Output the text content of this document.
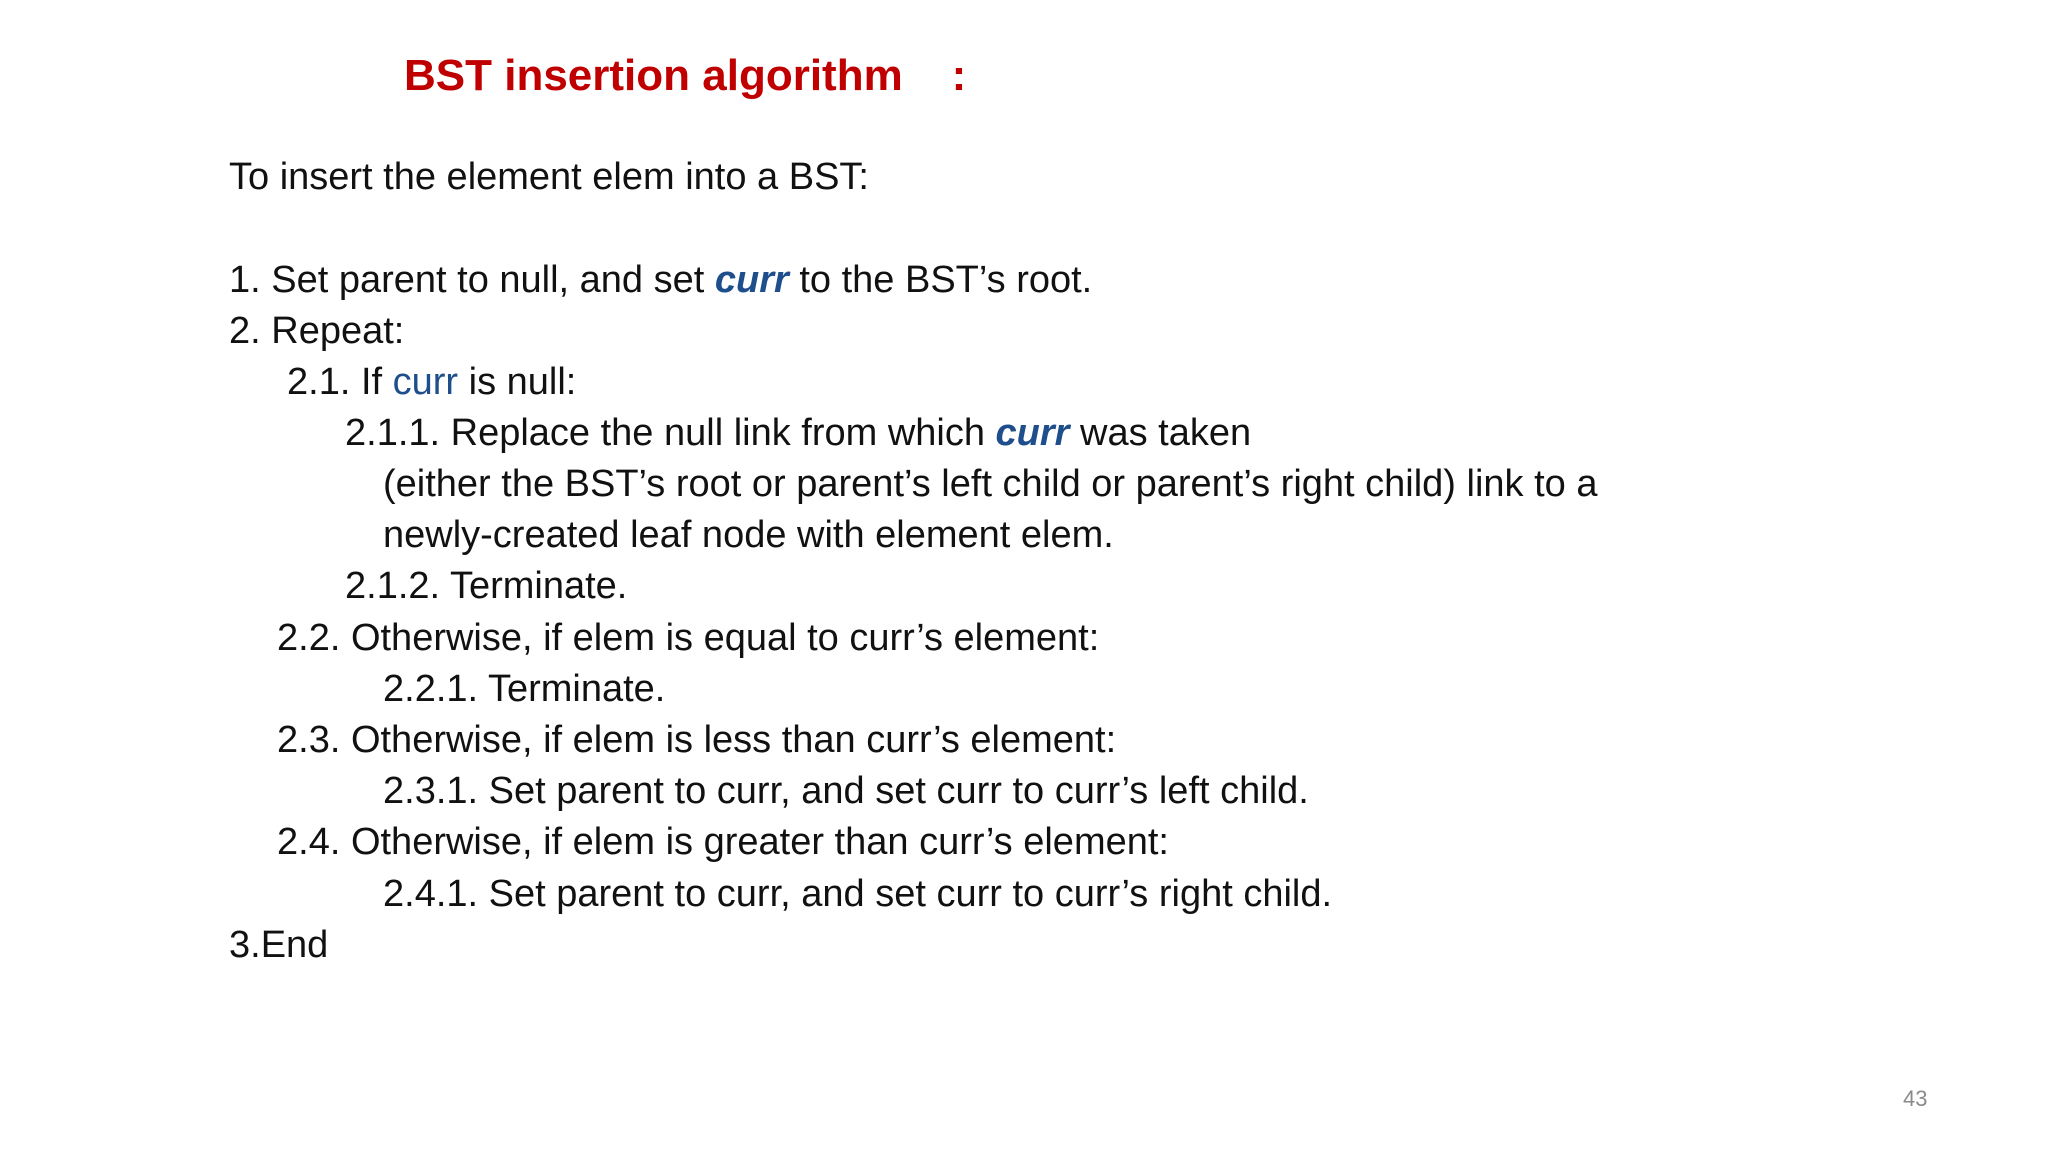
BST insertion algorithm    :
To insert the element elem into a BST:
1. Set parent to null, and set curr to the BST’s root.
2. Repeat:
2.1. If curr is null:
2.1.1. Replace the null link from which curr was taken
(either the BST’s root or parent’s left child or parent’s right child) link to a
newly-created leaf node with element elem.
2.1.2. Terminate.
2.2. Otherwise, if elem is equal to curr’s element:
2.2.1. Terminate.
2.3. Otherwise, if elem is less than curr’s element:
2.3.1. Set parent to curr, and set curr to curr’s left child.
2.4. Otherwise, if elem is greater than curr’s element:
2.4.1. Set parent to curr, and set curr to curr’s right child.
3.End
43
